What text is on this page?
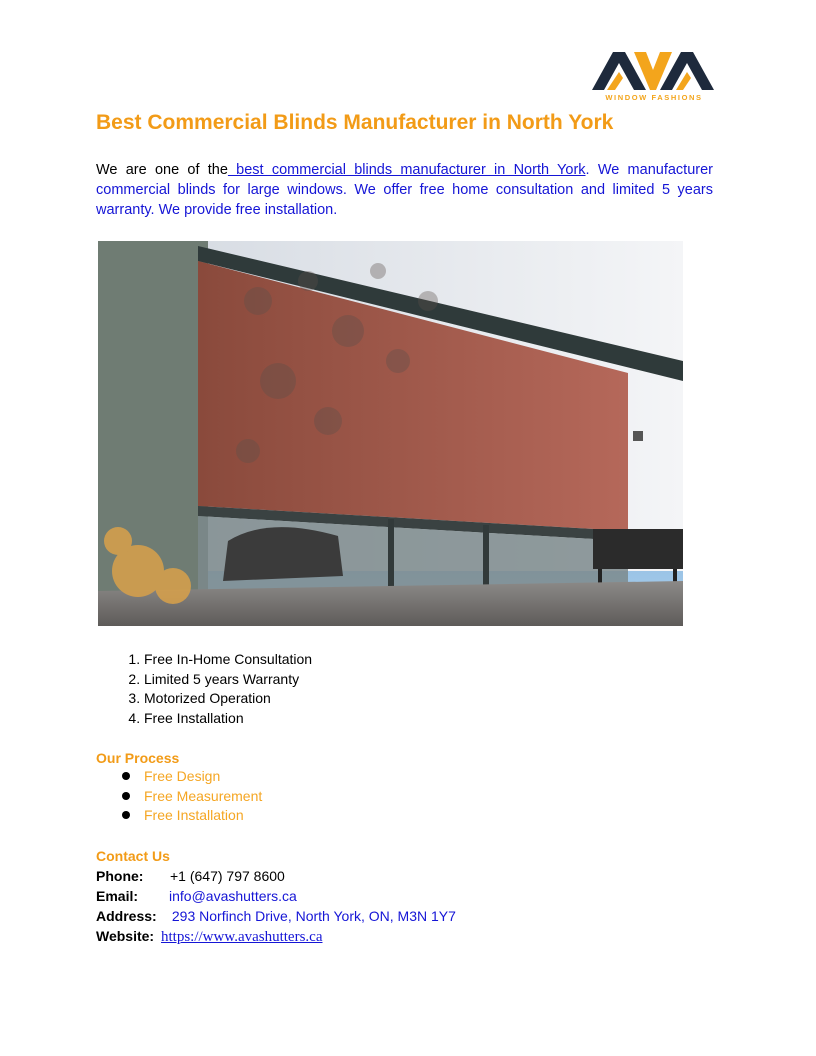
WINDOW FASHIONS
Best Commercial Blinds Manufacturer in North York

We are one of the best commercial blinds manufacturer in North York. We manufacturer commercial blinds for large windows. We offer free home consultation and limited 5 years warranty. We provide free installation.

1. Free In-Home Consultation
2. Limited 5 years Warranty
3. Motorized Operation
4. Free Installation
Our Process
Free Design
Free Measurement
Free Installation
Contact Us
Phone: +1 (647) 797 8600
Email: info@avashutters.ca
Address: 293 Norfinch Drive, North York, ON, M3N 1Y7
Website: https://www.avashutters.ca
